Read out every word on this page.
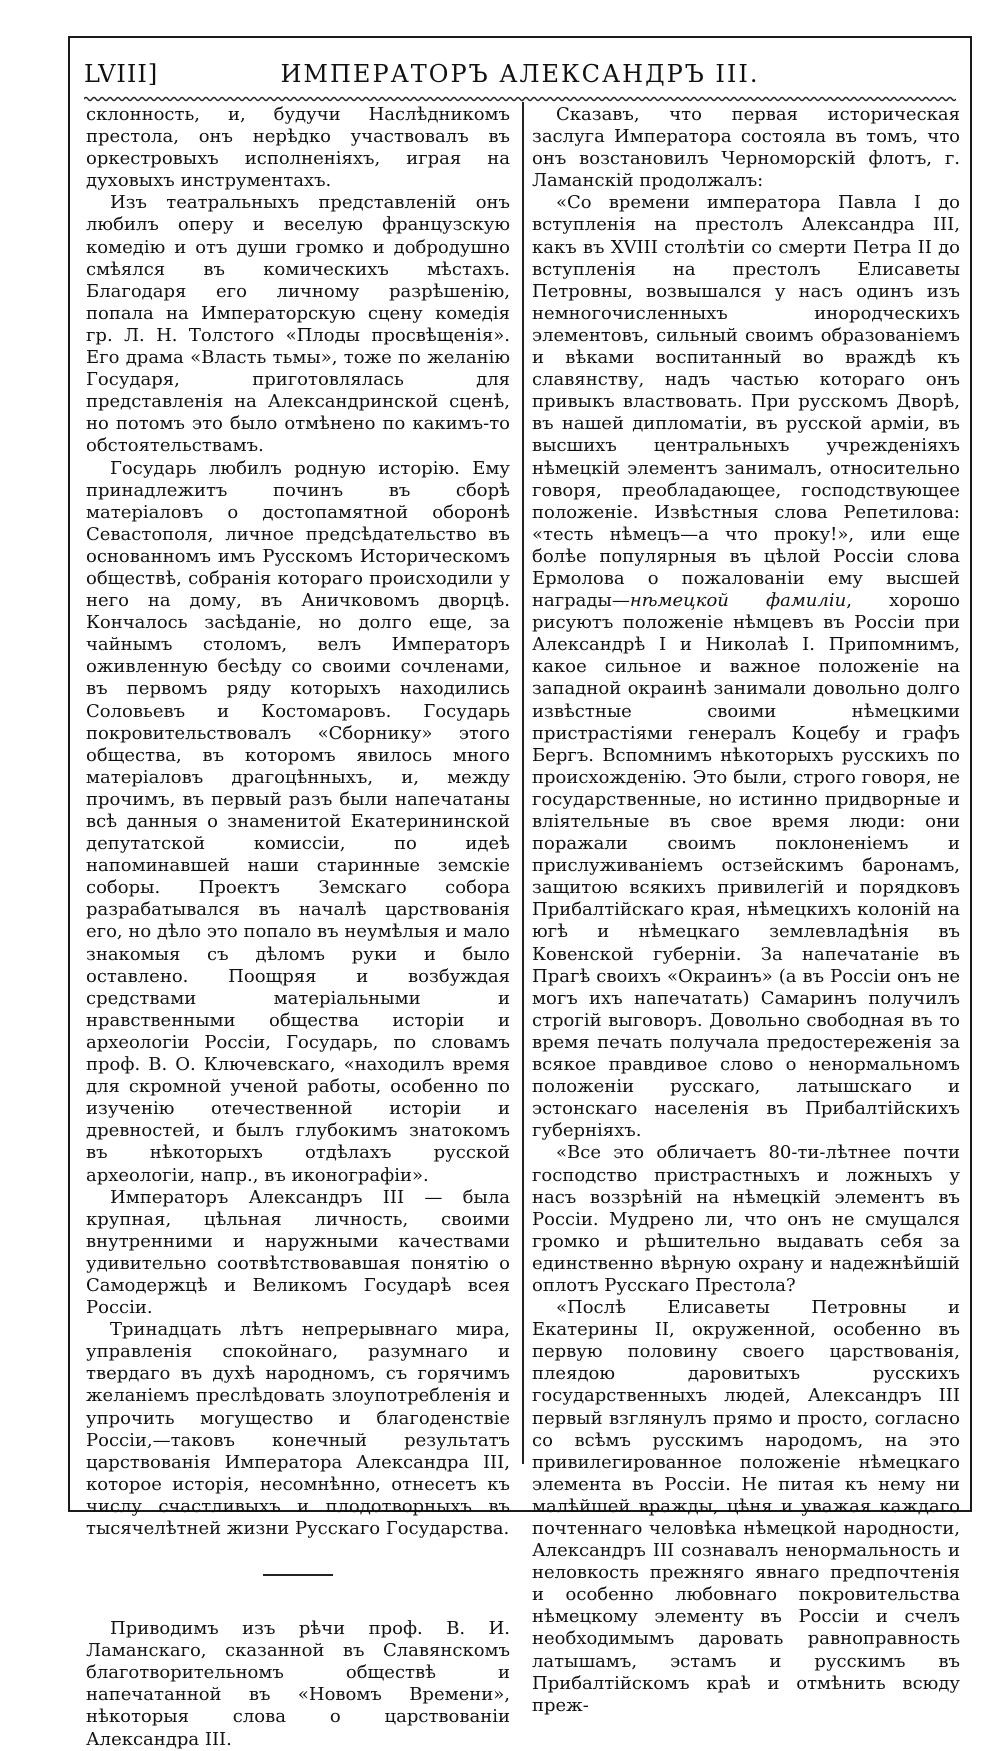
LVIII]	ИМПЕРАТОРЪ АЛЕКСАНДРЪ III.

склонность, и, будучи Наслѣдникомъ престола, онъ нерѣдко участвовалъ въ оркестровыхъ исполненіяхъ, играя на духовыхъ инструментахъ.

Изъ театральныхъ представленій онъ любилъ оперу и веселую французскую комедію и отъ души громко и добродушно смѣялся въ комическихъ мѣстахъ. Благодаря его личному разрѣшенію, попала на Императорскую сцену комедія гр. Л. Н. Толстого «Плоды просвѣщенія». Его драма «Власть тьмы», тоже по желанію Государя, приготовлялась для представленія на Александринской сценѣ, но потомъ это было отмѣнено по какимъ-то обстоятельствамъ.

Государь любилъ родную исторію. Ему принадлежитъ починъ въ сборѣ матеріаловъ о достопамятной оборонѣ Севастополя, личное предсѣдательство въ основанномъ имъ Русскомъ Историческомъ обществѣ, собранія котораго происходили у него на дому, въ Аничковомъ дворцѣ. Кончалось засѣданіе, но долго еще, за чайнымъ столомъ, велъ Императоръ оживленную бесѣду со своими сочленами, въ первомъ ряду которыхъ находились Соловьевъ и Костомаровъ. Государь покровительствовалъ «Сборнику» этого общества, въ которомъ явилось много матеріаловъ драгоцѣнныхъ, и, между прочимъ, въ первый разъ были напечатаны всѣ данныя о знаменитой Екатерининской депутатской комиссіи, по идеѣ напоминавшей наши старинные земскіе соборы. Проектъ Земскаго собора разрабатывался въ началѣ царствованія его, но дѣло это попало въ неумѣлыя и мало знакомыя съ дѣломъ руки и было оставлено. Поощряя и возбуждая средствами матеріальными и нравственными общества исторіи и археологіи Россіи, Государь, по словамъ проф. В. О. Ключевскаго, «находилъ время для скромной ученой работы, особенно по изученію отечественной исторіи и древностей, и былъ глубокимъ знатокомъ въ нѣкоторыхъ отдѣлахъ русской археологіи, напр., въ иконографіи».

Императоръ Александръ III — была крупная, цѣльная личность, своими внутренними и наружными качествами удивительно соотвѣтствовавшая понятію о Самодержцѣ и Великомъ Государѣ всея Россіи.

Тринадцать лѣтъ непрерывнаго мира, управленія спокойнаго, разумнаго и твердаго въ духѣ народномъ, съ горячимъ желаніемъ преслѣдовать злоупотребленія и упрочить могущество и благоденствіе Россіи,—таковъ конечный результатъ царствованія Императора Александра III, которое исторія, несомнѣнно, отнесетъ къ числу счастливыхъ и плодотворныхъ въ тысячелѣтней жизни Русскаго Государства.

Приводимъ изъ рѣчи проф. В. И. Ламанскаго, сказанной въ Славянскомъ благотворительномъ обществѣ и напечатанной въ «Новомъ Времени», нѣкоторыя слова о царствованіи Александра III.

Сказавъ, что первая историческая заслуга Императора состояла въ томъ, что онъ возстановилъ Черноморскій флотъ, г. Ламанскій продолжалъ:

«Со времени императора Павла I до вступленія на престолъ Александра III, какъ въ XVIII столѣтіи со смерти Петра II до вступленія на престолъ Елисаветы Петровны, возвышался у насъ одинъ изъ немногочисленныхъ инородческихъ элементовъ, сильный своимъ образованіемъ и вѣками воспитанный во враждѣ къ славянству, надъ частью котораго онъ привыкъ властвовать. При русскомъ Дворѣ, въ нашей дипломатіи, въ русской арміи, въ высшихъ центральныхъ учрежденіяхъ нѣмецкій элементъ занималъ, относительно говоря, преобладающее, господствующее положеніе. Извѣстныя слова Репетилова: «тесть нѣмецъ—а что проку!», или еще болѣе популярныя въ цѣлой Россіи слова Ермолова о пожалованіи ему высшей награды—нѣмецкой фамиліи, хорошо рисуютъ положеніе нѣмцевъ въ Россіи при Александрѣ I и Николаѣ I. Припомнимъ, какое сильное и важное положеніе на западной окраинѣ занимали довольно долго извѣстные своими нѣмецкими пристрастіями генералъ Коцебу и графъ Бергъ. Вспомнимъ нѣкоторыхъ русскихъ по происхожденію. Это были, строго говоря, не государственные, но истинно придворные и вліятельные въ свое время люди: они поражали своимъ поклоненіемъ и прислуживаніемъ остзейскимъ баронамъ, защитою всякихъ привилегій и порядковъ Прибалтійскаго края, нѣмецкихъ колоній на югѣ и нѣмецкаго землевладѣнія въ Ковенской губерніи. За напечатаніе въ Прагѣ своихъ «Окраинъ» (а въ Россіи онъ не могъ ихъ напечатать) Самаринъ получилъ строгій выговоръ. Довольно свободная въ то время печать получала предостереженія за всякое правдивое слово о ненормальномъ положеніи русскаго, латышскаго и эстонскаго населенія въ Прибалтійскихъ губерніяхъ.

«Все это обличаетъ 80-ти-лѣтнее почти господство пристрастныхъ и ложныхъ у насъ воззрѣній на нѣмецкій элементъ въ Россіи. Мудрено ли, что онъ не смущался громко и рѣшительно выдавать себя за единственно вѣрную охрану и надежнѣйшій оплотъ Русскаго Престола?

«Послѣ Елисаветы Петровны и Екатерины II, окруженной, особенно въ первую половину своего царствованія, плеядою даровитыхъ русскихъ государственныхъ людей, Александръ III первый взглянулъ прямо и просто, согласно со всѣмъ русскимъ народомъ, на это привилегированное положеніе нѣмецкаго элемента въ Россіи. Не питая къ нему ни малѣйшей вражды, цѣня и уважая каждаго почтеннаго человѣка нѣмецкой народности, Александръ III сознавалъ ненормальность и неловкость прежняго явнаго предпочтенія и особенно любовнаго покровительства нѣмецкому элементу въ Россіи и счелъ необходимымъ даровать равноправность латышамъ, эстамъ и русскимъ въ Прибалтійскомъ краѣ и отмѣнить всюду преж-
